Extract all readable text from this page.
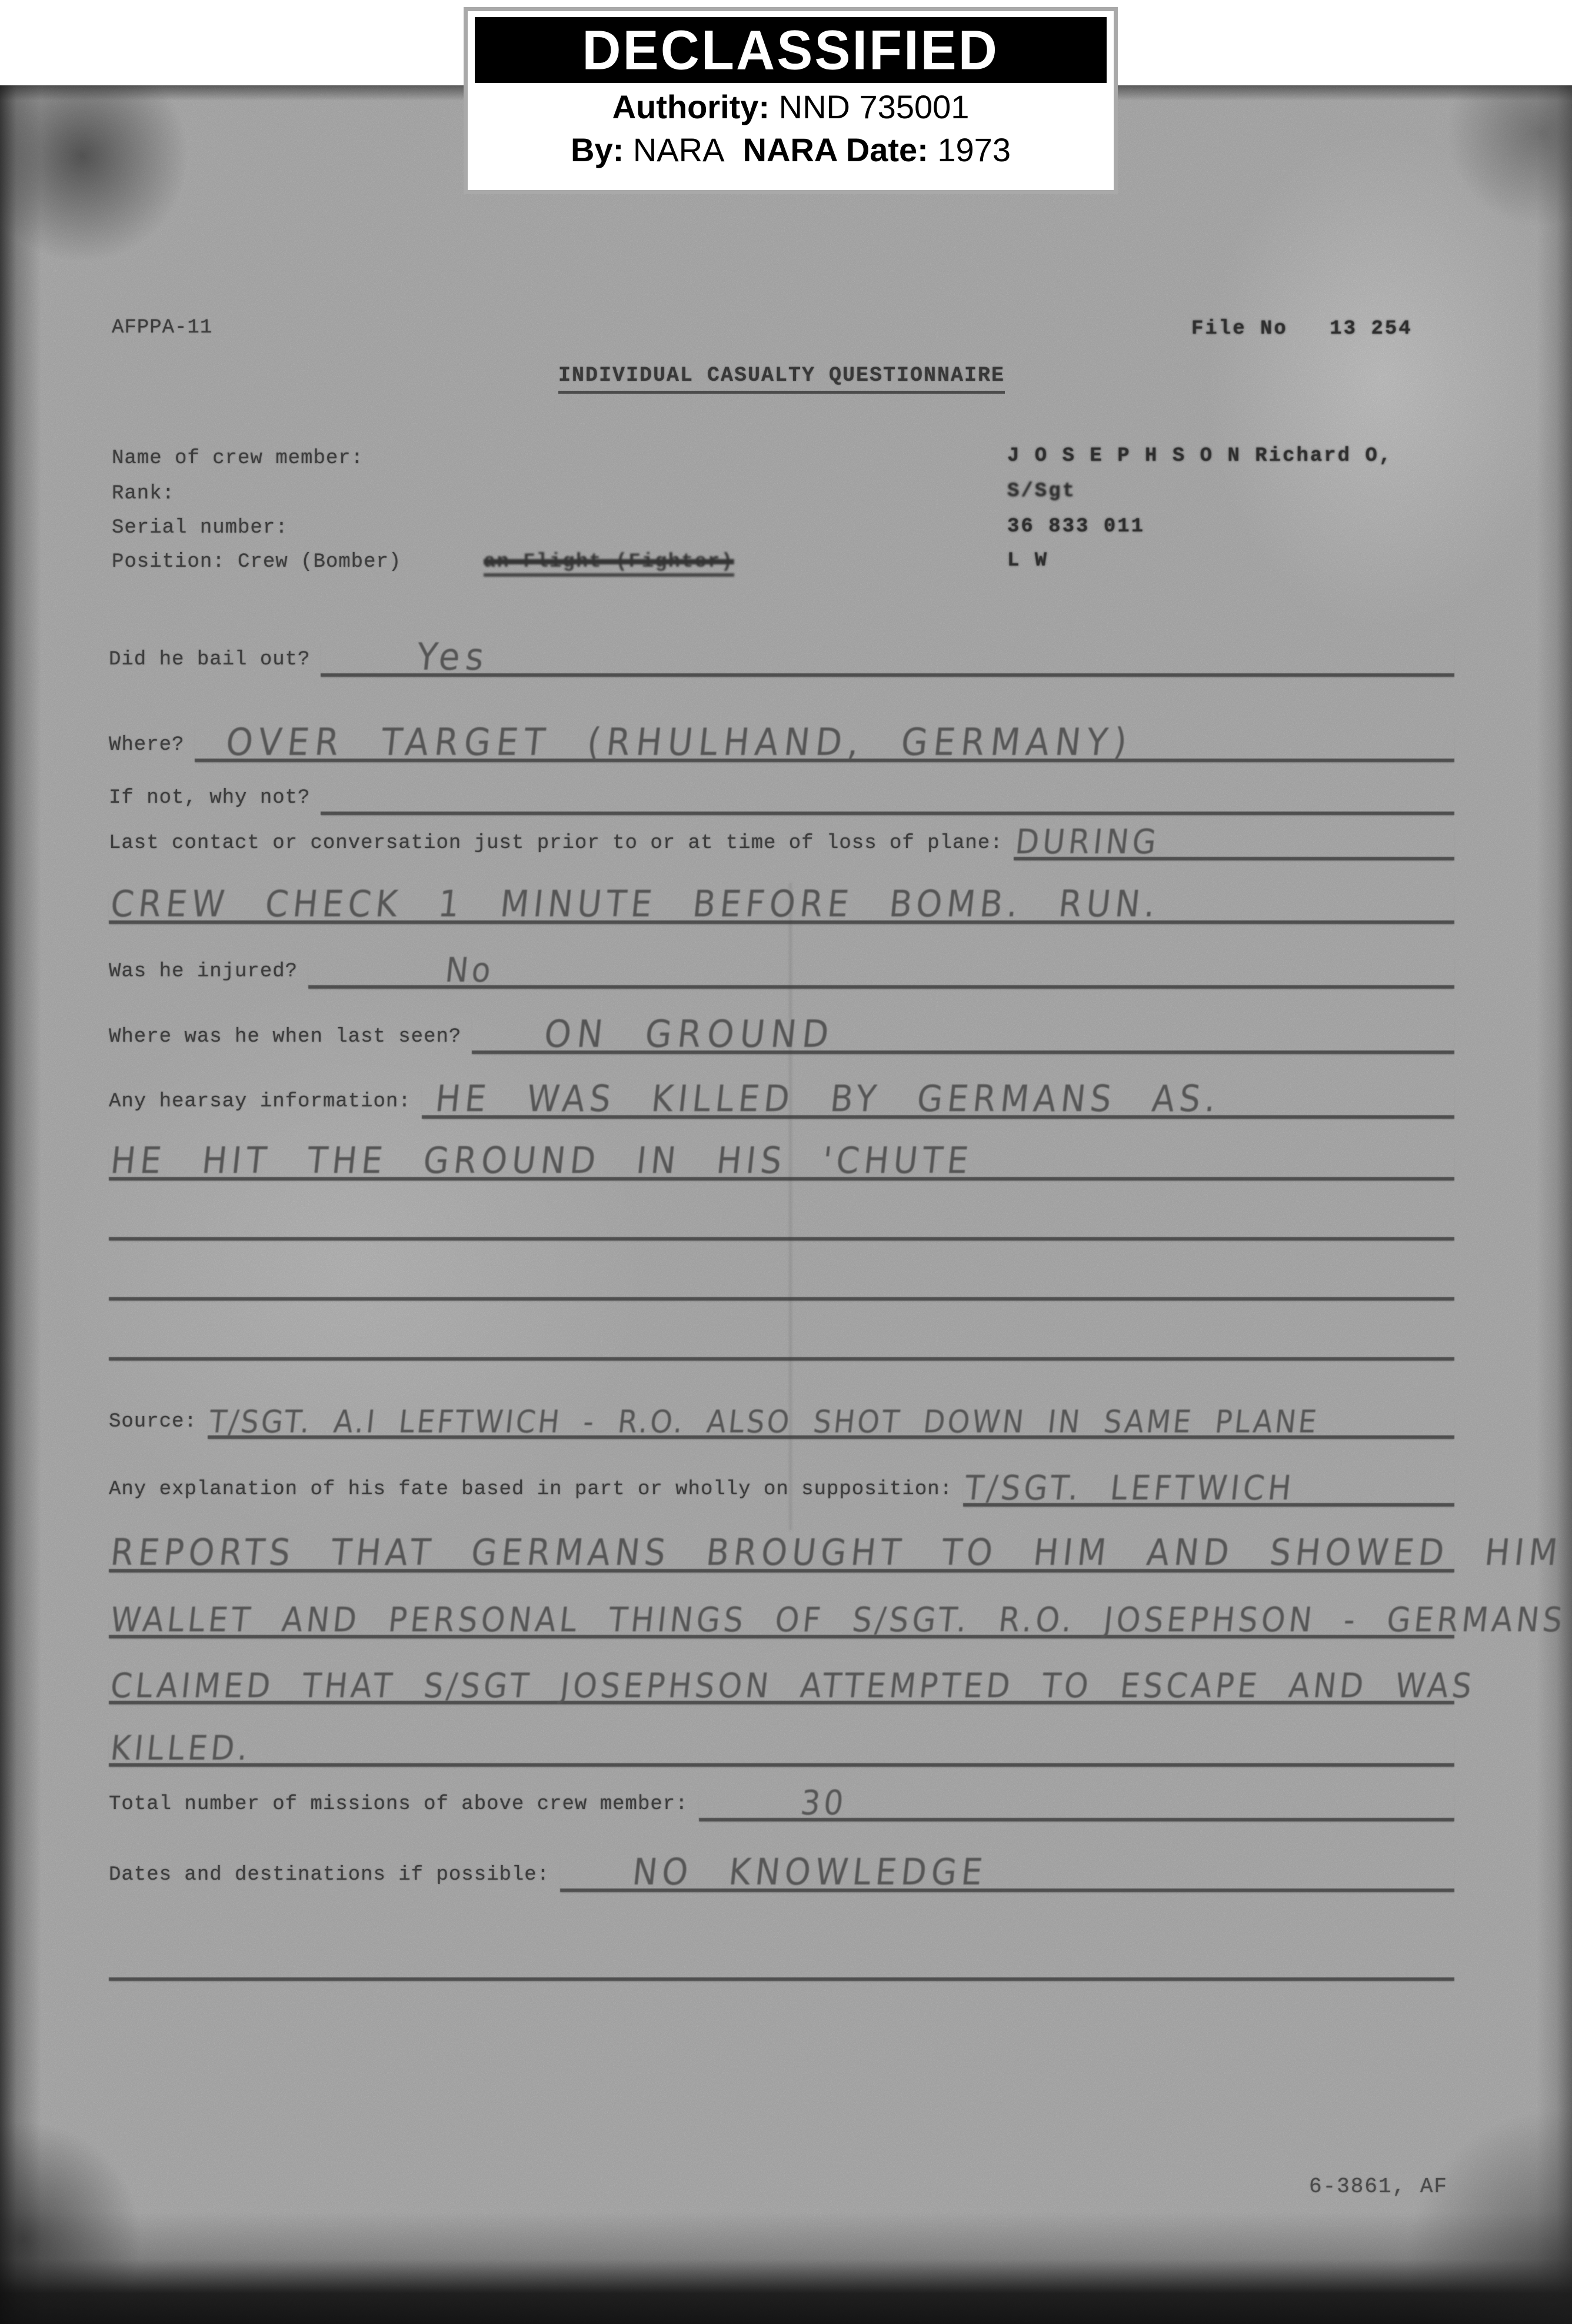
DECLASSIFIED
Authority: NND 735001
By: NARA NARA Date: 1973
AFPPA-11	File No 13 254
INDIVIDUAL CASUALTY QUESTIONNAIRE
Name of crew member:	J O S E P H S O N Richard O,
Rank:	S/Sgt
Serial number:	36 833 011
Position: Crew (Bomber)	an Flight (Fighter)	L W
Did he bail out?	Yes
Where? OVER TARGET (RHULHAND, GERMANY)
If not, why not?
Last contact or conversation just prior to or at time of loss of plane: DURING
CREW CHECK 1 MINUTE BEFORE BOMB. RUN.
Was he injured?	No
Where was he when last seen? ON GROUND
Any hearsay information: HE WAS KILLED BY GERMANS AS.
HE HIT THE GROUND IN HIS 'CHUTE
Source: T/SGT. A.I LEFTWICH - R.O. ALSO SHOT DOWN IN SAME PLANE
Any explanation of his fate based in part or wholly on supposition: T/SGT. LEFTWICH
REPORTS THAT GERMANS BROUGHT TO HIM AND SHOWED HIM
WALLET AND PERSONAL THINGS OF S/SGT. R.O. JOSEPHSON - GERMANS
CLAIMED THAT S/SGT JOSEPHSON ATTEMPTED TO ESCAPE AND WAS
KILLED.
Total number of missions of above crew member:	30
Dates and destinations if possible: NO KNOWLEDGE
6-3861, AF
